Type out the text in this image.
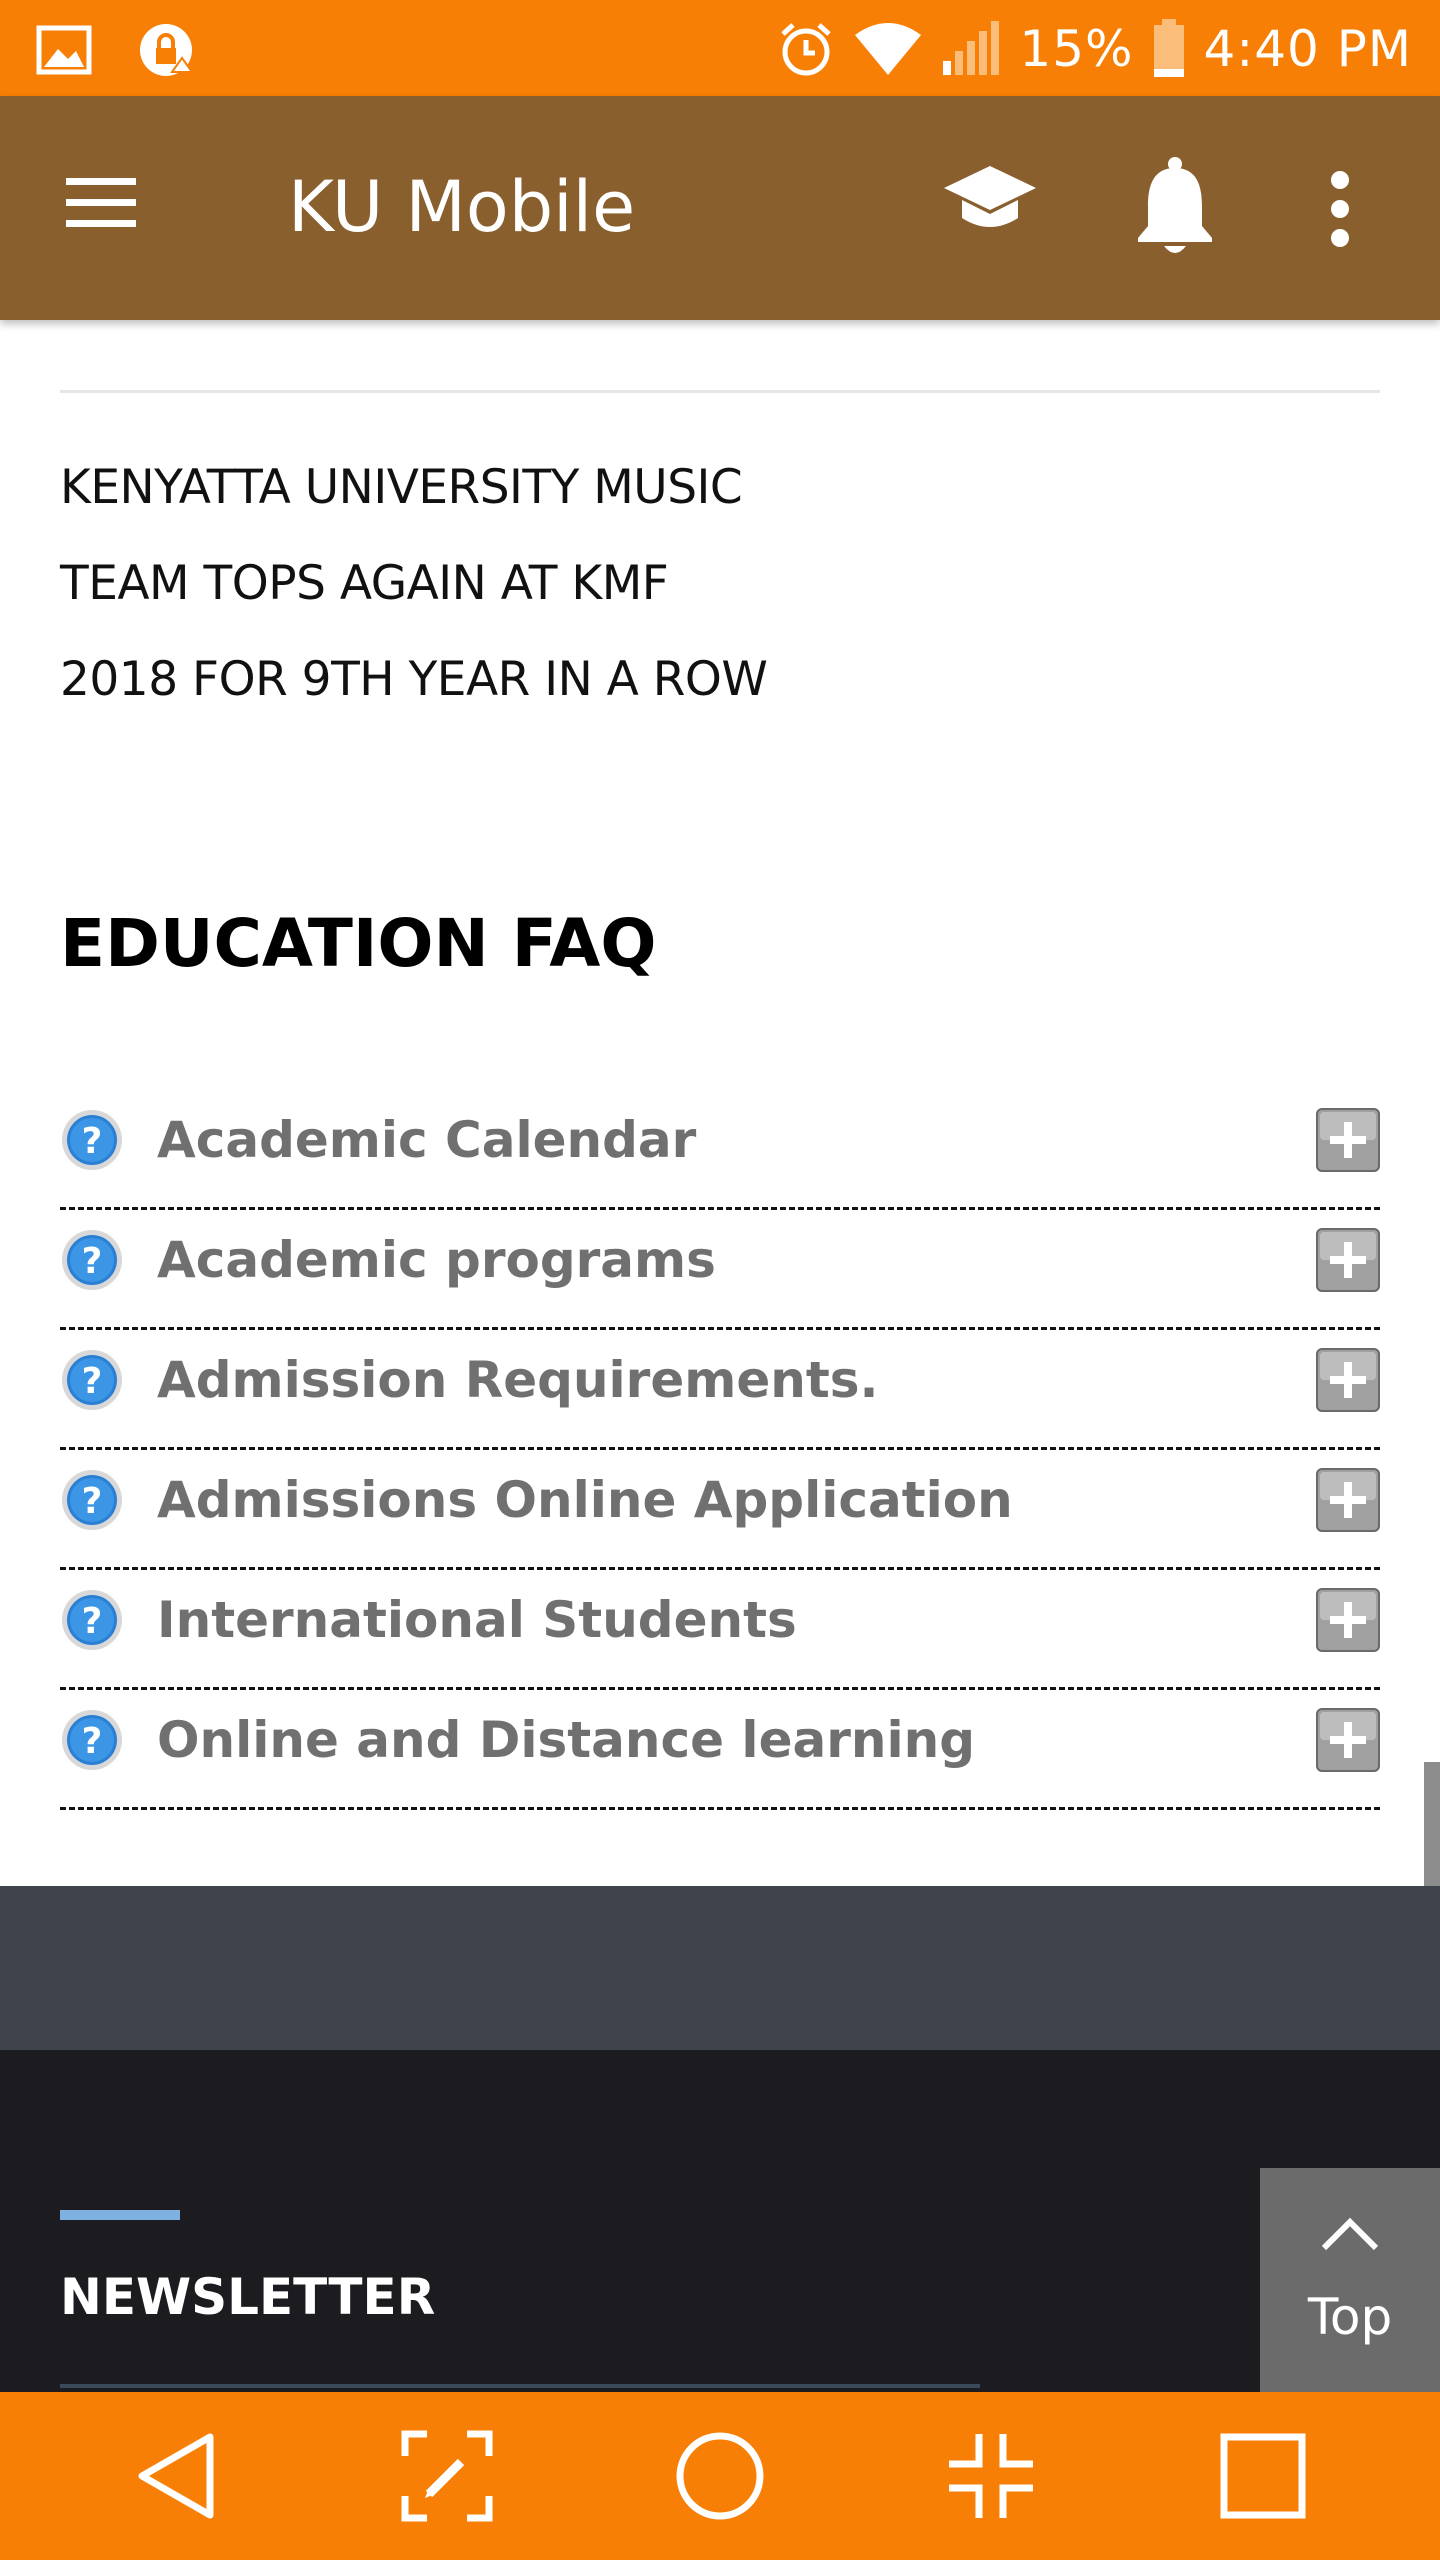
15% 4:40 PM
KU Mobile
KENYATTA UNIVERSITY MUSIC
TEAM TOPS AGAIN AT KMF
2018 FOR 9TH YEAR IN A ROW
EDUCATION FAQ
? Academic Calendar
? Academic programs
? Admission Requirements.
? Admissions Online Application
? International Students
? Online and Distance learning
NEWSLETTER	Top
